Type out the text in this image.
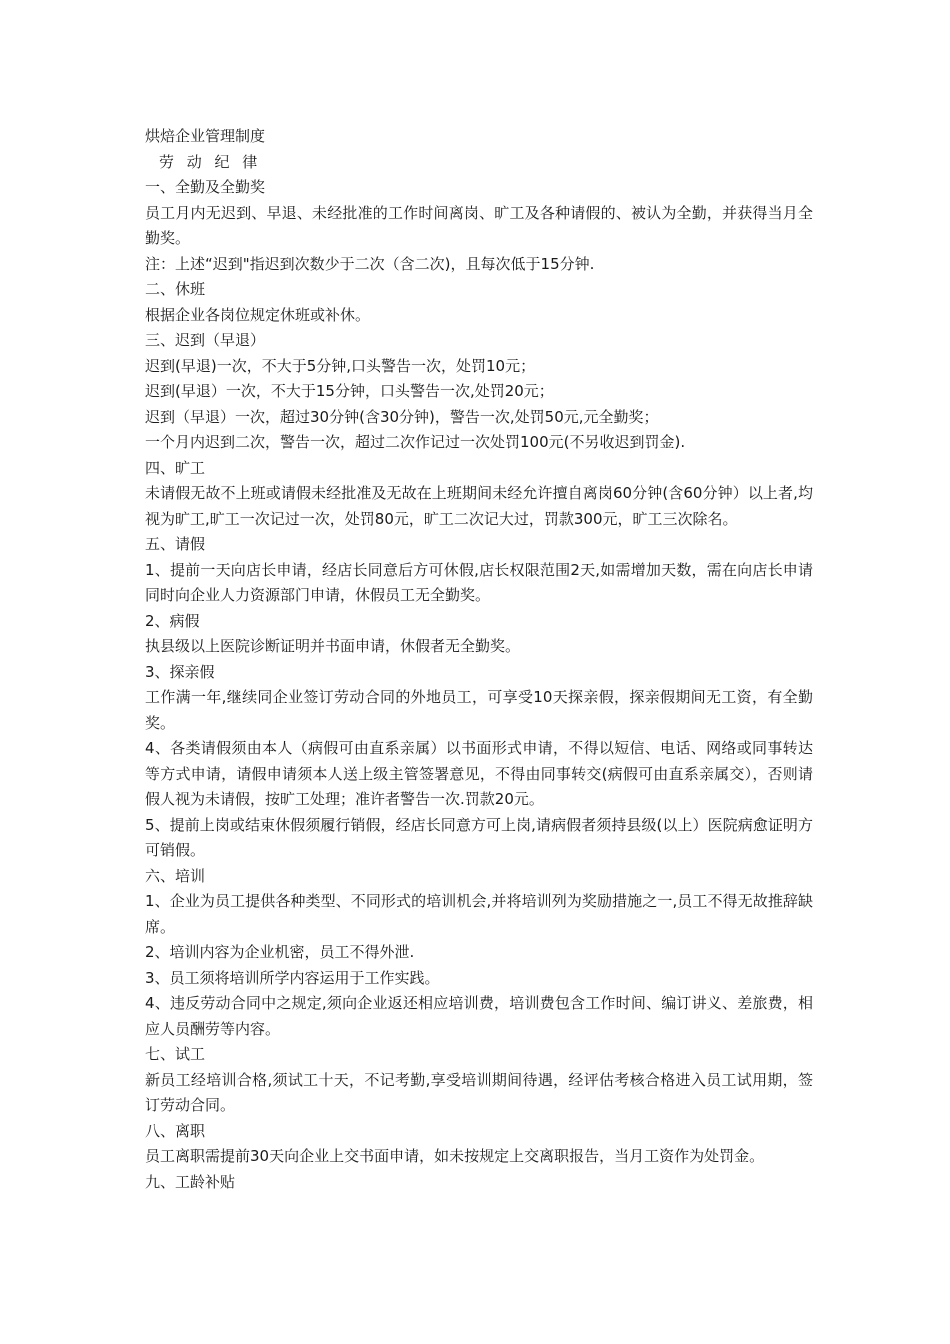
烘焙企业管理制度

劳 动 纪 律

一、全勤及全勤奖

员工月内无迟到、早退、未经批准的工作时间离岗、旷工及各种请假的、被认为全勤，并获得当月全勤奖。

注：上述“迟到"指迟到次数少于二次（含二次)，且每次低于15分钟.

二、休班

根据企业各岗位规定休班或补休。

三、迟到（早退）

迟到(早退)一次，不大于5分钟,口头警告一次，处罚10元；

迟到(早退）一次，不大于15分钟，口头警告一次,处罚20元；

迟到（早退）一次，超过30分钟(含30分钟)，警告一次,处罚50元,元全勤奖；

一个月内迟到二次，警告一次，超过二次作记过一次处罚100元(不另收迟到罚金).

四、旷工

未请假无故不上班或请假未经批准及无故在上班期间未经允许擅自离岗60分钟(含60分钟）以上者,均视为旷工,旷工一次记过一次，处罚80元，旷工二次记大过，罚款300元，旷工三次除名。

五、请假

1、提前一天向店长申请，经店长同意后方可休假,店长权限范围2天,如需增加天数，需在向店长申请同时向企业人力资源部门申请，休假员工无全勤奖。

2、病假

执县级以上医院诊断证明并书面申请，休假者无全勤奖。

3、探亲假

工作满一年,继续同企业签订劳动合同的外地员工，可享受10天探亲假，探亲假期间无工资，有全勤奖。

4、各类请假须由本人（病假可由直系亲属）以书面形式申请，不得以短信、电话、网络或同事转达等方式申请，请假申请须本人送上级主管签署意见，不得由同事转交(病假可由直系亲属交），否则请假人视为未请假，按旷工处理；准许者警告一次.罚款20元。

5、提前上岗或结束休假须履行销假，经店长同意方可上岗,请病假者须持县级(以上）医院病愈证明方可销假。

六、培训

1、企业为员工提供各种类型、不同形式的培训机会,并将培训列为奖励措施之一,员工不得无故推辞缺席。

2、培训内容为企业机密，员工不得外泄.

3、员工须将培训所学内容运用于工作实践。

4、违反劳动合同中之规定,须向企业返还相应培训费，培训费包含工作时间、编订讲义、差旅费，相应人员酬劳等内容。

七、试工

新员工经培训合格,须试工十天，不记考勤,享受培训期间待遇，经评估考核合格进入员工试用期，签订劳动合同。

八、离职

员工离职需提前30天向企业上交书面申请，如未按规定上交离职报告，当月工资作为处罚金。

九、工龄补贴
